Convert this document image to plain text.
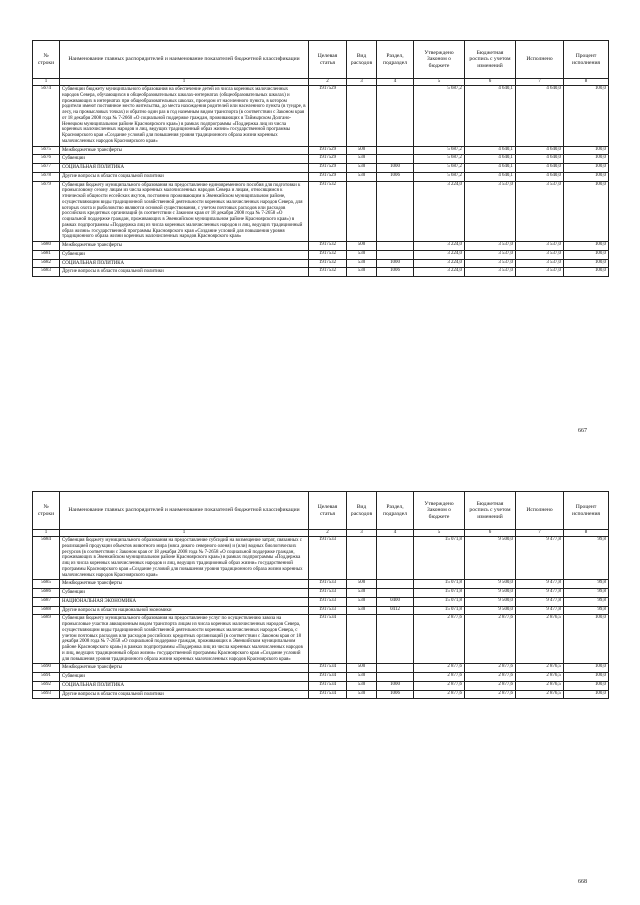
№ строки	Наименование главных распорядителей и наименование показателей бюджетной классификации	Целевая статья	Вид расходов	Раздел, подраздел	Утверждено Законом о бюджете	Бюджетная роспись с учетом изменений	Исполнено	Процент исполнения
1	1	2	3	4	5	6	7	8
5674	Субвенции бюджету муниципального образования на обеспечение детей из числа коренных малочисленных народов Севера, обучающихся в общеобразовательных школах-интернатах (общеобразовательных школах) и проживающих в интернатах при общеобразовательных школах, проездом от населенного пункта, в котором родители имеют постоянное место жительства, до места нахождения родителей или населенного пункта (в тундре, в лесу, на промысловых точках) и обратно один раз в год наземным видом транспорта (в соответствии с Законом края от 18 декабря 2008 года № 7-2660 «О социальной поддержке граждан, проживающих в Таймырском Долгано-Ненецком муниципальном районе Красноярского края») в рамках подпрограммы «Поддержка лиц из числа коренных малочисленных народов и лиц, ведущих традиционный образ жизни» государственной программы Красноярского края «Создание условий для повышения уровня традиционного образа жизни коренных малочисленных народов Красноярского края»	1917529			5 687,2	4 640,1	4 640,0	100,0
5675	Межбюджетные трансферты	1917529	500		5 687,2	4 640,1	4 640,0	100,0
5676	Субвенции	1917529	530		5 687,2	4 640,1	4 640,0	100,0
5677	СОЦИАЛЬНАЯ ПОЛИТИКА	1917529	530	1000	5 687,2	4 640,1	4 640,0	100,0
5678	Другие вопросы в области социальной политики	1917529	530	1006	5 687,2	4 640,1	4 640,0	100,0
5679	Субвенция бюджету муниципального образования на предоставление единовременного пособия для подготовки к промысловому сезону лицам из числа коренных малочисленных народов Севера и лицам, относящимся к этнической общности ессейских якутов, постоянно проживающим в Эвенкийском муниципальном районе, осуществляющим виды традиционной хозяйственной деятельности коренных малочисленных народов Севера, для которых охота и рыболовство являются основой существования, с учетом почтовых расходов или расходов российских кредитных организаций (в соответствии с Законом края от 18 декабря 2008 года № 7-2658 «О социальной поддержке граждан, проживающих в Эвенкийском муниципальном районе Красноярского края») в рамках подпрограммы «Поддержка лиц из числа коренных малочисленных народов и лиц, ведущих традиционный образ жизни» государственной программы Красноярского края «Создание условий для повышения уровня традиционного образа жизни коренных малочисленных народов Красноярского края»	1917532			3 224,0	3 537,0	3 537,0	100,0
5680	Межбюджетные трансферты	1917532	500		3 224,0	3 537,0	3 537,0	100,0
5681	Субвенции	1917532	530		3 224,0	3 537,0	3 537,0	100,0
5682	СОЦИАЛЬНАЯ ПОЛИТИКА	1917532	530	1000	3 224,0	3 537,0	3 537,0	100,0
5683	Другие вопросы в области социальной политики	1917532	530	1006	3 224,0	3 537,0	3 537,0	100,0
667
№ строки	Наименование главных распорядителей и наименование показателей бюджетной классификации	Целевая статья	Вид расходов	Раздел, подраздел	Утверждено Законом о бюджете	Бюджетная роспись с учетом изменений	Исполнено	Процент исполнения
1	1	2	3	4	5	6	7	8
5684	Субвенция бюджету муниципального образования на предоставление субсидий на возмещение затрат, связанных с реализацией продукции объектов животного мира (мяса дикого северного оленя) и (или) водных биологических ресурсов (в соответствии с Законом края от 18 декабря 2008 года № 7-2658 «О социальной поддержке граждан, проживающих в Эвенкийском муниципальном районе Красноярского края») в рамках подпрограммы «Поддержка лиц из числа коренных малочисленных народов и лиц, ведущих традиционный образ жизни» государственной программы Красноярского края «Создание условий для повышения уровня традиционного образа жизни коренных малочисленных народов Красноярского края»	1917533			15 071,8	9 500,0	9 477,8	99,8
5685	Межбюджетные трансферты	1917533	500		15 071,8	9 500,0	9 477,8	99,8
5686	Субвенции	1917533	530		15 071,8	9 500,0	9 477,8	99,8
5687	НАЦИОНАЛЬНАЯ ЭКОНОМИКА	1917533	530	0400	15 071,8	9 500,0	9 477,8	99,8
5688	Другие вопросы в области национальной экономики	1917533	530	0412	15 071,8	9 500,0	9 477,8	99,8
5689	Субвенция бюджету муниципального образования на предоставление услуг по осуществлению завоза на промысловые участки авиационным видом транспорта лицам из числа коренных малочисленных народов Севера, осуществляющим виды традиционной хозяйственной деятельности коренных малочисленных народов Севера, с учетом почтовых расходов или расходов российских кредитных организаций (в соответствии с Законом края от 18 декабря 2008 года № 7-2658 «О социальной поддержке граждан, проживающих в Эвенкийском муниципальном районе Красноярского края») в рамках подпрограммы «Поддержка лиц из числа коренных малочисленных народов и лиц, ведущих традиционный образ жизни» государственной программы Красноярского края «Создание условий для повышения уровня традиционного образа жизни коренных малочисленных народов Красноярского края»	1917534			2 877,6	2 877,6	2 876,5	100,0
5690	Межбюджетные трансферты	1917534	500		2 877,6	2 877,6	2 876,5	100,0
5691	Субвенции	1917534	530		2 877,6	2 877,6	2 876,5	100,0
5692	СОЦИАЛЬНАЯ ПОЛИТИКА	1917534	530	1000	2 877,6	2 877,6	2 876,5	100,0
5693	Другие вопросы в области социальной политики	1917534	530	1006	2 877,6	2 877,6	2 876,5	100,0
668
